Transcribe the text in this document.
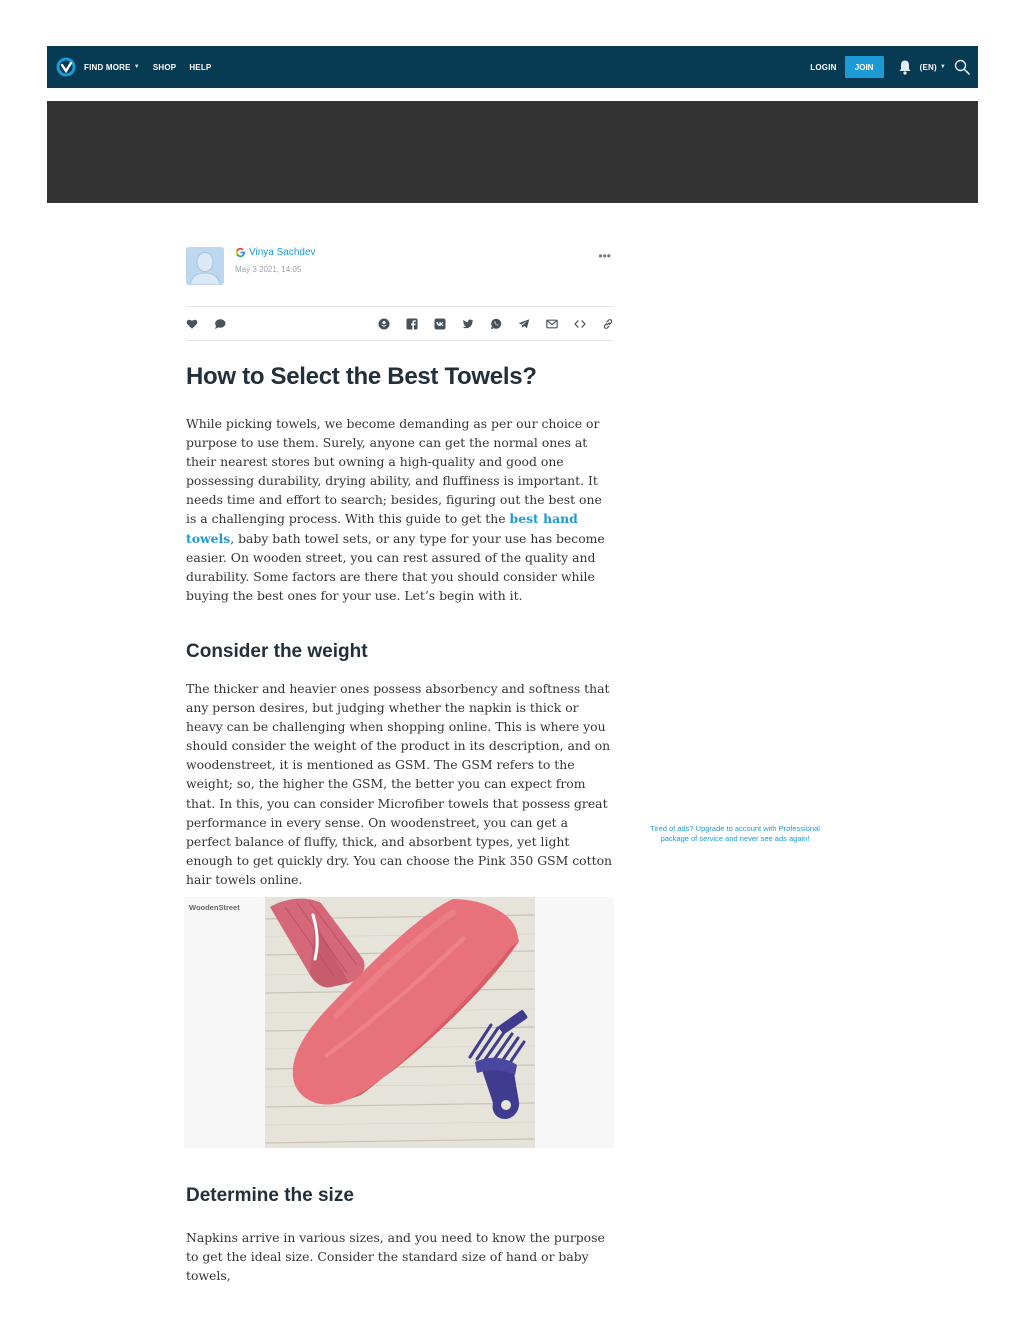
FIND MORE ▼ SHOP HELP	LOGIN	JOIN	(EN) ▼
Vinya Sachdev
May 3 2021, 14:05
•••
How to Select the Best Towels?

While picking towels, we become demanding as per our choice or purpose to use them. Surely, anyone can get the normal ones at their nearest stores but owning a high-quality and good one possessing durability, drying ability, and fluffiness is important. It needs time and effort to search; besides, figuring out the best one is a challenging process. With this guide to get the best hand towels, baby bath towel sets, or any type for your use has become easier. On wooden street, you can rest assured of the quality and durability. Some factors are there that you should consider while buying the best ones for your use. Let’s begin with it.

Consider the weight

The thicker and heavier ones possess absorbency and softness that any person desires, but judging whether the napkin is thick or heavy can be challenging when shopping online. This is where you should consider the weight of the product in its description, and on woodenstreet, it is mentioned as GSM. The GSM refers to the weight; so, the higher the GSM, the better you can expect from that. In this, you can consider Microfiber towels that possess great performance in every sense. On woodenstreet, you can get a perfect balance of fluffy, thick, and absorbent types, yet light enough to get quickly dry. You can choose the Pink 350 GSM cotton hair towels online.

WoodenStreet
Determine the size

Napkins arrive in various sizes, and you need to know the purpose to get the ideal size. Consider the standard size of hand or baby towels,

Tired of ads? Upgrade to account with Professional package of service and never see ads again!
